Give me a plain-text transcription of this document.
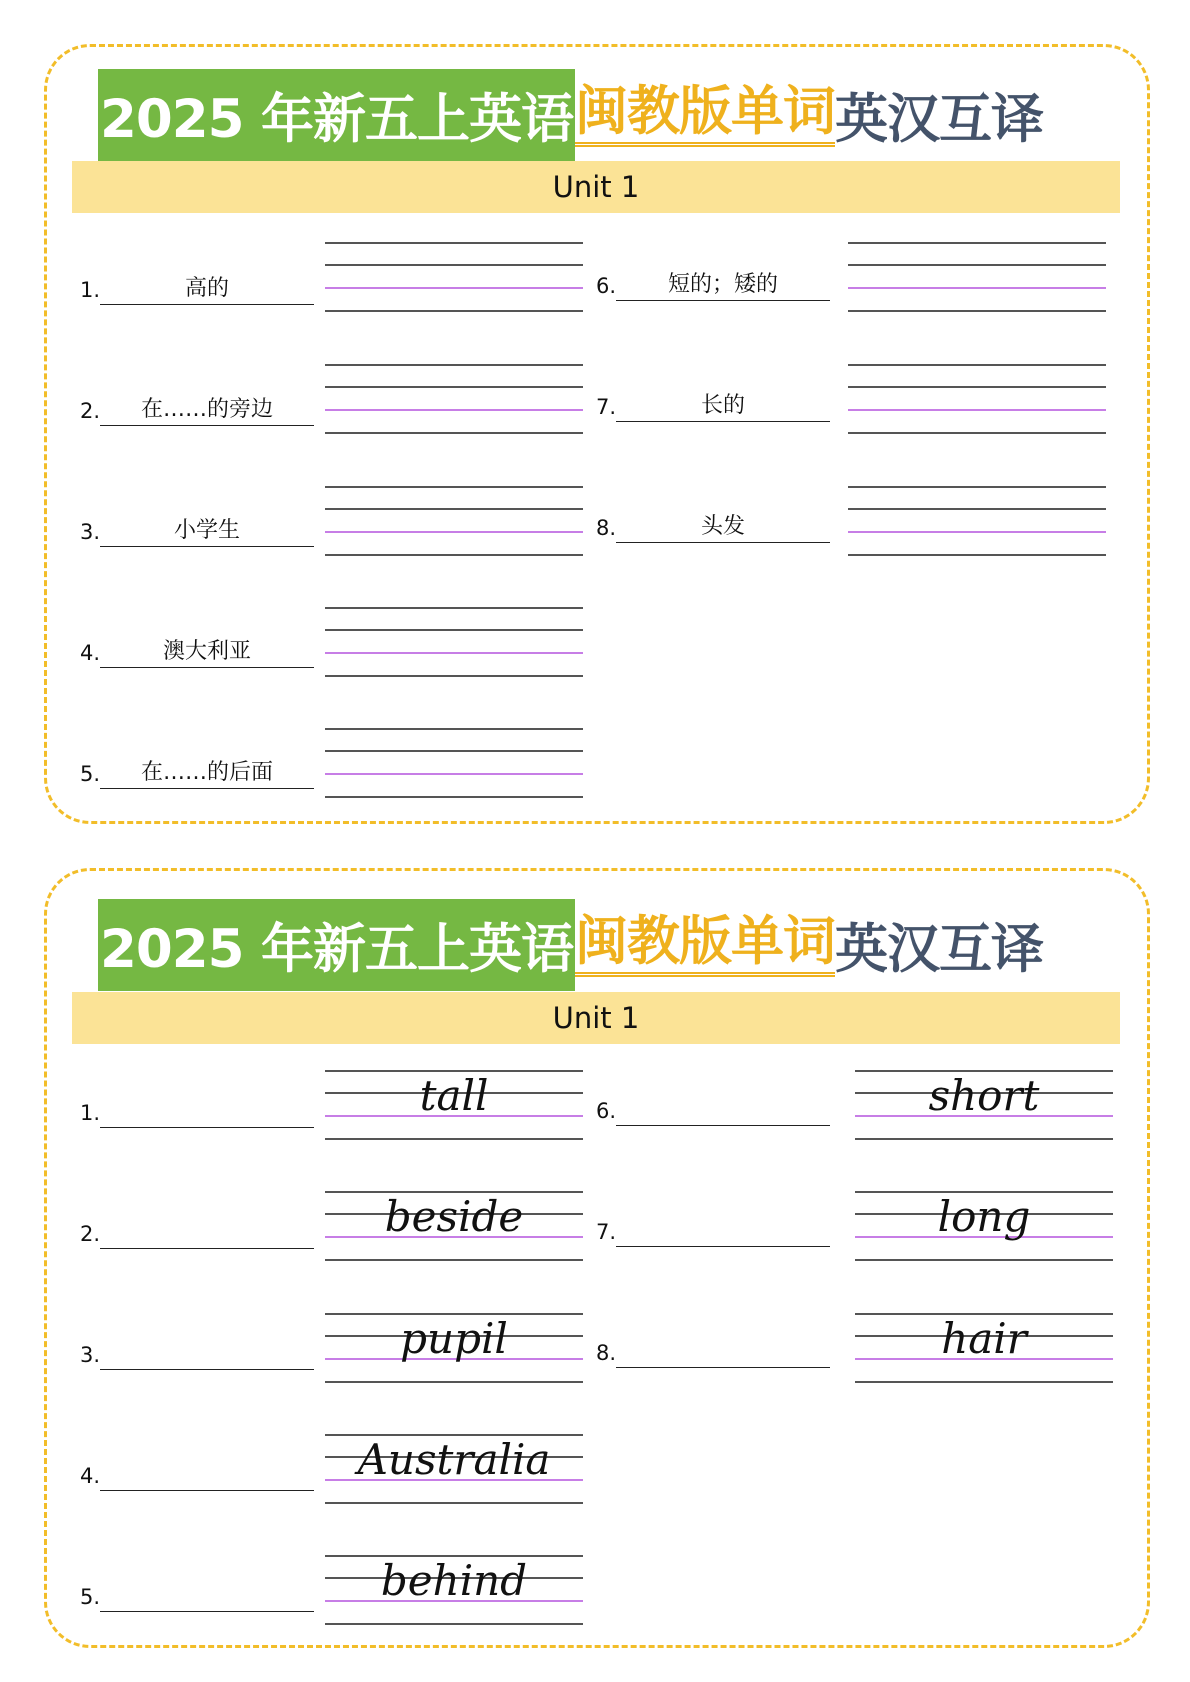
2025 年新五上英语 闽教版单词 英汉互译
Unit 1
1.	高的
2. 在……的旁边
3.	小学生
4.	澳大利亚
5. 在……的后面
6. 短的；矮的
7.	长的
8.	头发
2025 年新五上英语 闽教版单词 英汉互译
Unit 1
1.	tall
2.	beside
3.	pupil
4.	Australia
5.	behind
6.	short
7.	long
8.	hair
